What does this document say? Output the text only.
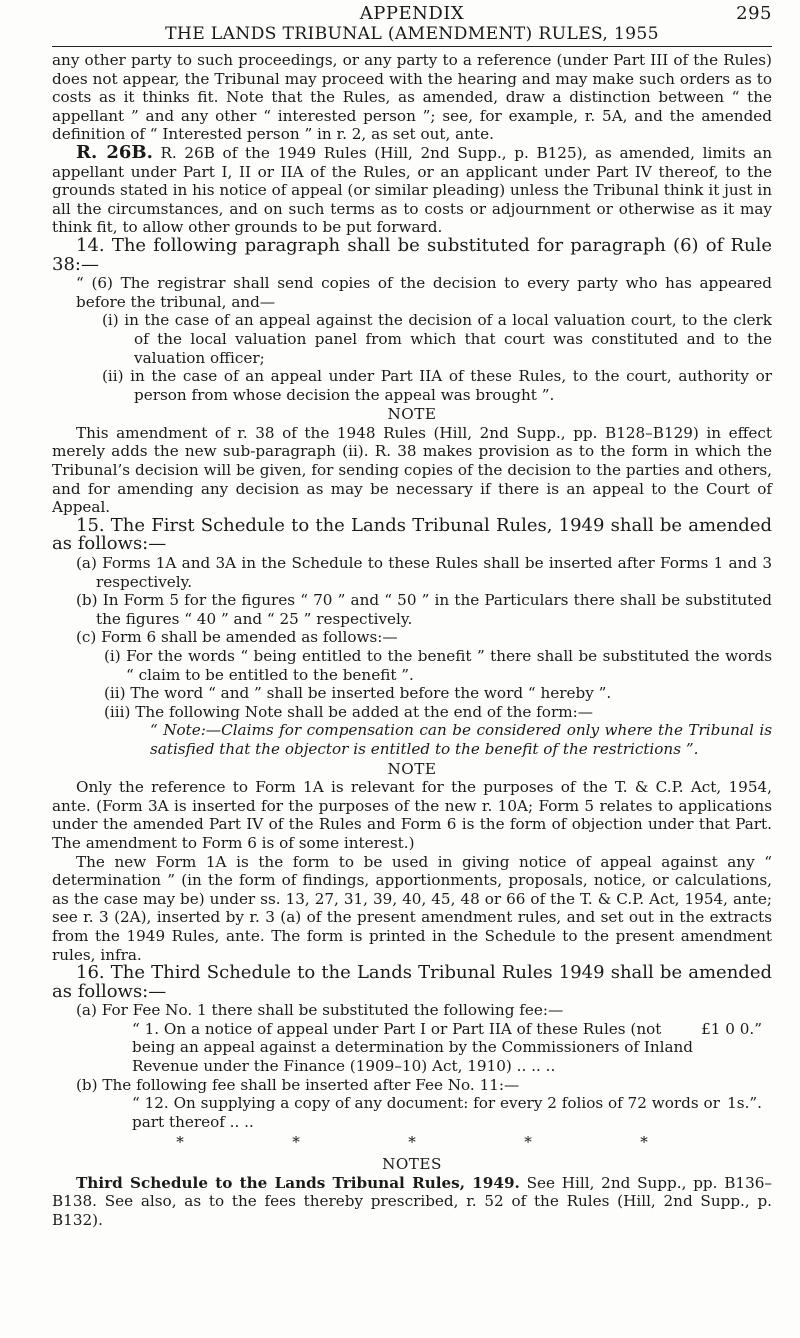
APPENDIX	295
THE LANDS TRIBUNAL (AMENDMENT) RULES, 1955

any other party to such proceedings, or any party to a reference (under Part III of the Rules) does not appear, the Tribunal may proceed with the hearing and may make such orders as to costs as it thinks fit. Note that the Rules, as amended, draw a distinction between “ the appellant ” and any other “ interested person ”; see, for example, r. 5A, and the amended definition of “ Interested person ” in r. 2, as set out, ante.

R. 26B. R. 26B of the 1949 Rules (Hill, 2nd Supp., p. B125), as amended, limits an appellant under Part I, II or IIA of the Rules, or an applicant under Part IV thereof, to the grounds stated in his notice of appeal (or similar pleading) unless the Tribunal think it just in all the circumstances, and on such terms as to costs or adjournment or otherwise as it may think fit, to allow other grounds to be put forward.

14. The following paragraph shall be substituted for paragraph (6) of Rule 38:—

“ (6) The registrar shall send copies of the decision to every party who has appeared before the tribunal, and—

(i) in the case of an appeal against the decision of a local valuation court, to the clerk of the local valuation panel from which that court was constituted and to the valuation officer;

(ii) in the case of an appeal under Part IIA of these Rules, to the court, authority or person from whose decision the appeal was brought ”.

NOTE

This amendment of r. 38 of the 1948 Rules (Hill, 2nd Supp., pp. B128–B129) in effect merely adds the new sub-paragraph (ii). R. 38 makes provision as to the form in which the Tribunal’s decision will be given, for sending copies of the decision to the parties and others, and for amending any decision as may be necessary if there is an appeal to the Court of Appeal.

15. The First Schedule to the Lands Tribunal Rules, 1949 shall be amended as follows:—

(a) Forms 1A and 3A in the Schedule to these Rules shall be inserted after Forms 1 and 3 respectively.

(b) In Form 5 for the figures “ 70 ” and “ 50 ” in the Particulars there shall be substituted the figures “ 40 ” and “ 25 ” respectively.

(c) Form 6 shall be amended as follows:—

(i) For the words “ being entitled to the benefit ” there shall be substituted the words “ claim to be entitled to the benefit ”.

(ii) The word “ and ” shall be inserted before the word “ hereby ”.

(iii) The following Note shall be added at the end of the form:—

“ Note:—Claims for compensation can be considered only where the Tribunal is satisfied that the objector is entitled to the benefit of the restrictions ”.

NOTE

Only the reference to Form 1A is relevant for the purposes of the T. & C.P. Act, 1954, ante. (Form 3A is inserted for the purposes of the new r. 10A; Form 5 relates to applications under the amended Part IV of the Rules and Form 6 is the form of objection under that Part. The amendment to Form 6 is of some interest.)

The new Form 1A is the form to be used in giving notice of appeal against any “ determination ” (in the form of findings, apportionments, proposals, notice, or calculations, as the case may be) under ss. 13, 27, 31, 39, 40, 45, 48 or 66 of the T. & C.P. Act, 1954, ante; see r. 3 (2A), inserted by r. 3 (a) of the present amendment rules, and set out in the extracts from the 1949 Rules, ante. The form is printed in the Schedule to the present amendment rules, infra.

16. The Third Schedule to the Lands Tribunal Rules 1949 shall be amended as follows:—

(a) For Fee No. 1 there shall be substituted the following fee:—

“ 1. On a notice of appeal under Part I or Part IIA of these Rules (not being an appeal against a determination by the Commissioners of Inland Revenue under the Finance (1909–10) Act, 1910) .. .. ..
£1 0 0.”

(b) The following fee shall be inserted after Fee No. 11:—

“ 12. On supplying a copy of any document: for every 2 folios of 72 words or part thereof .. ..
1s.”.
*	*	*	*	*
NOTES

Third Schedule to the Lands Tribunal Rules, 1949. See Hill, 2nd Supp., pp. B136–B138. See also, as to the fees thereby prescribed, r. 52 of the Rules (Hill, 2nd Supp., p. B132).
